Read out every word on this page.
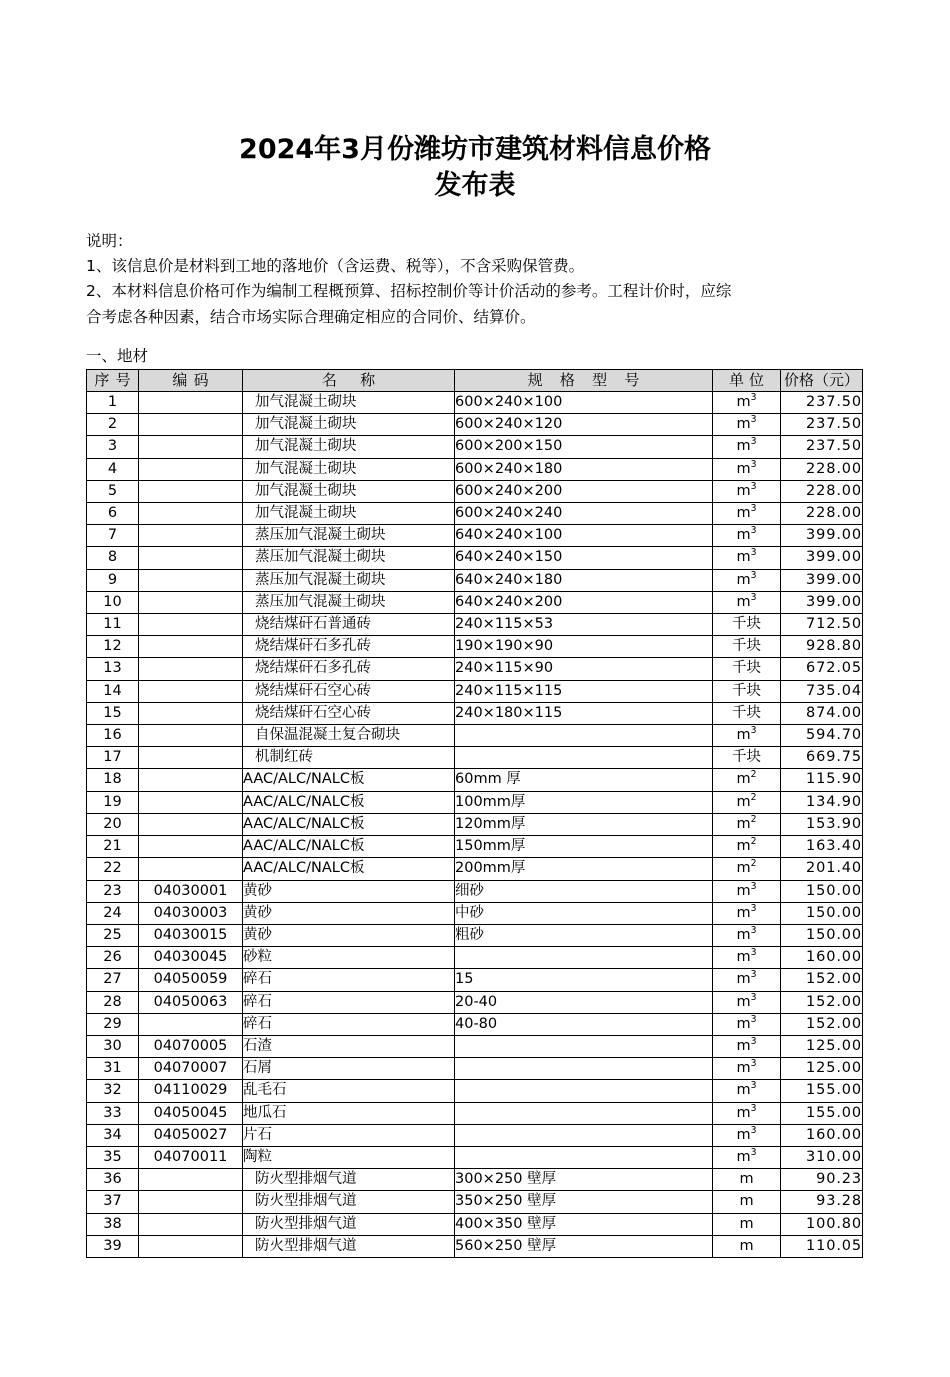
2024年3月份潍坊市建筑材料信息价格
发布表
说明：
1、该信息价是材料到工地的落地价（含运费、税等），不含采购保管费。
2、本材料信息价格可作为编制工程概预算、招标控制价等计价活动的参考。工程计价时，应综
合考虑各种因素，结合市场实际合理确定相应的合同价、结算价。
一、地材
序号	编码	名称	规格型号	单位	价格（元）
1		加气混凝土砌块	600×240×100	$m^3$	237.50
2		加气混凝土砌块	600×240×120	$m^3$	237.50
3		加气混凝土砌块	600×200×150	$m^3$	237.50
4		加气混凝土砌块	600×240×180	$m^3$	228.00
5		加气混凝土砌块	600×240×200	$m^3$	228.00
6		加气混凝土砌块	600×240×240	$m^3$	228.00
7		蒸压加气混凝土砌块	640×240×100	$m^3$	399.00
8		蒸压加气混凝土砌块	640×240×150	$m^3$	399.00
9		蒸压加气混凝土砌块	640×240×180	$m^3$	399.00
10		蒸压加气混凝土砌块	640×240×200	$m^3$	399.00
11		烧结煤矸石普通砖	240×115×53	千块	712.50
12		烧结煤矸石多孔砖	190×190×90	千块	928.80
13		烧结煤矸石多孔砖	240×115×90	千块	672.05
14		烧结煤矸石空心砖	240×115×115	千块	735.04
15		烧结煤矸石空心砖	240×180×115	千块	874.00
16		自保温混凝土复合砌块		$m^3$	594.70
17		机制红砖		千块	669.75
18		AAC/ALC/NALC板	60mm 厚	$m^2$	115.90
19		AAC/ALC/NALC板	100mm厚	$m^2$	134.90
20		AAC/ALC/NALC板	120mm厚	$m^2$	153.90
21		AAC/ALC/NALC板	150mm厚	$m^2$	163.40
22		AAC/ALC/NALC板	200mm厚	$m^2$	201.40
23	04030001	黄砂	细砂	$m^3$	150.00
24	04030003	黄砂	中砂	$m^3$	150.00
25	04030015	黄砂	粗砂	$m^3$	150.00
26	04030045	砂粒		$m^3$	160.00
27	04050059	碎石	15	$m^3$	152.00
28	04050063	碎石	20-40	$m^3$	152.00
29		碎石	40-80	$m^3$	152.00
30	04070005	石渣		$m^3$	125.00
31	04070007	石屑		$m^3$	125.00
32	04110029	乱毛石		$m^3$	155.00
33	04050045	地瓜石		$m^3$	155.00
34	04050027	片石		$m^3$	160.00
35	04070011	陶粒		$m^3$	310.00
36		防火型排烟气道	300×250 壁厚	m	90.23
37		防火型排烟气道	350×250 壁厚	m	93.28
38		防火型排烟气道	400×350 壁厚	m	100.80
39		防火型排烟气道	560×250 壁厚	m	110.05
